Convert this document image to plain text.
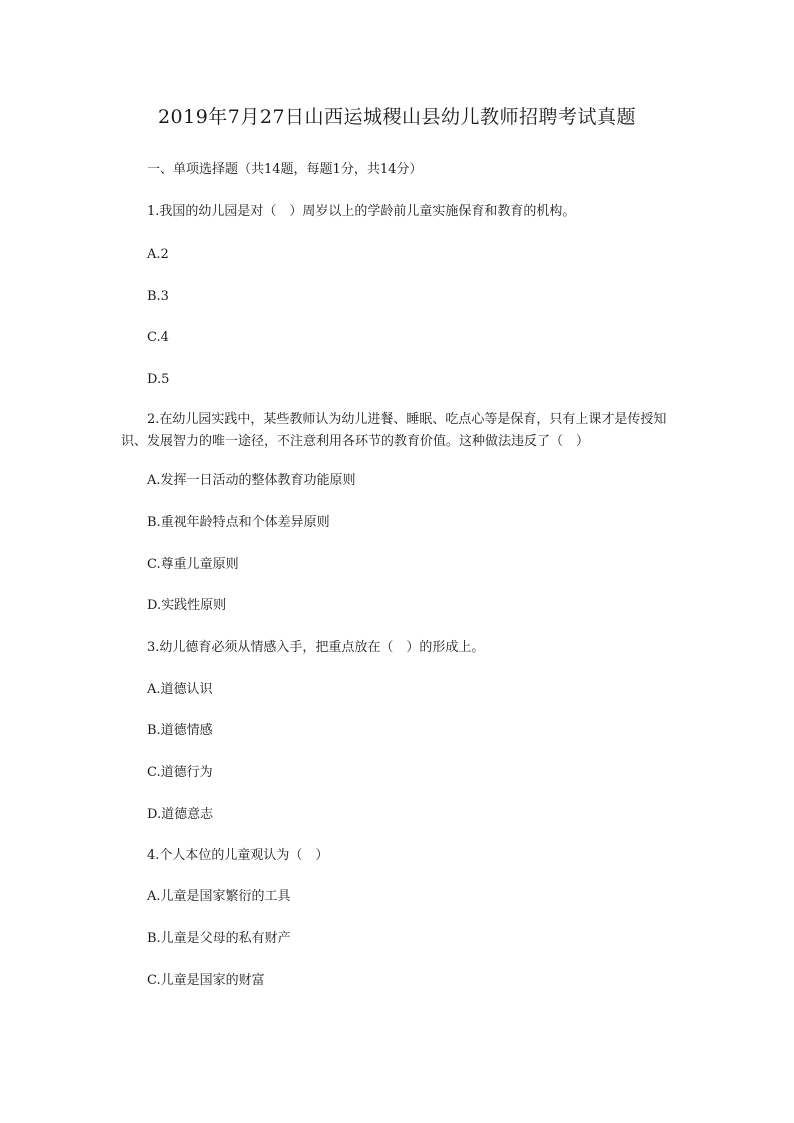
2019年7月27日山西运城稷山县幼儿教师招聘考试真题
一、单项选择题（共14题，每题1分，共14分）
1.我国的幼儿园是对（　）周岁以上的学龄前儿童实施保育和教育的机构。
A.2
B.3
C.4
D.5
2.在幼儿园实践中，某些教师认为幼儿进餐、睡眠、吃点心等是保育，只有上课才是传授知识、发展智力的唯一途径，不注意利用各环节的教育价值。这种做法违反了（　）
A.发挥一日活动的整体教育功能原则
B.重视年龄特点和个体差异原则
C.尊重儿童原则
D.实践性原则
3.幼儿德育必须从情感入手，把重点放在（　）的形成上。
A.道德认识
B.道德情感
C.道德行为
D.道德意志
4.个人本位的儿童观认为（　）
A.儿童是国家繁衍的工具
B.儿童是父母的私有财产
C.儿童是国家的财富
